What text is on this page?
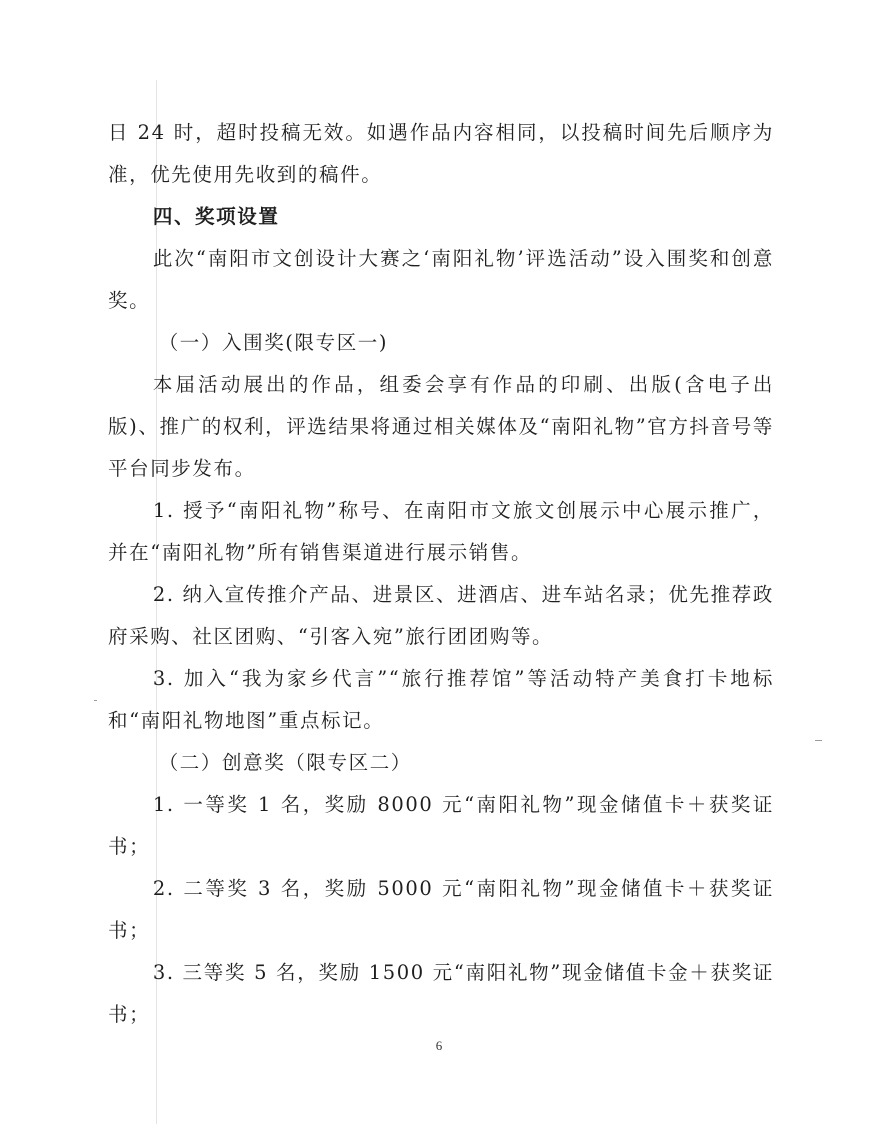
日 24 时，超时投稿无效。如遇作品内容相同，以投稿时间先后顺序为准，优先使用先收到的稿件。

四、奖项设置

此次“南阳市文创设计大赛之‘南阳礼物’评选活动”设入围奖和创意奖。

（一）入围奖(限专区一)

本届活动展出的作品，组委会享有作品的印刷、出版(含电子出版)、推广的权利，评选结果将通过相关媒体及“南阳礼物”官方抖音号等平台同步发布。

1. 授予“南阳礼物”称号、在南阳市文旅文创展示中心展示推广，并在“南阳礼物”所有销售渠道进行展示销售。

2. 纳入宣传推介产品、进景区、进酒店、进车站名录；优先推荐政府采购、社区团购、“引客入宛”旅行团团购等。

3. 加入“我为家乡代言”“旅行推荐馆”等活动特产美食打卡地标和“南阳礼物地图”重点标记。

（二）创意奖（限专区二）

1. 一等奖 1 名，奖励 8000 元“南阳礼物”现金储值卡＋获奖证书；

2. 二等奖 3 名，奖励 5000 元“南阳礼物”现金储值卡＋获奖证书；

3. 三等奖 5 名，奖励 1500 元“南阳礼物”现金储值卡金＋获奖证书；

6
